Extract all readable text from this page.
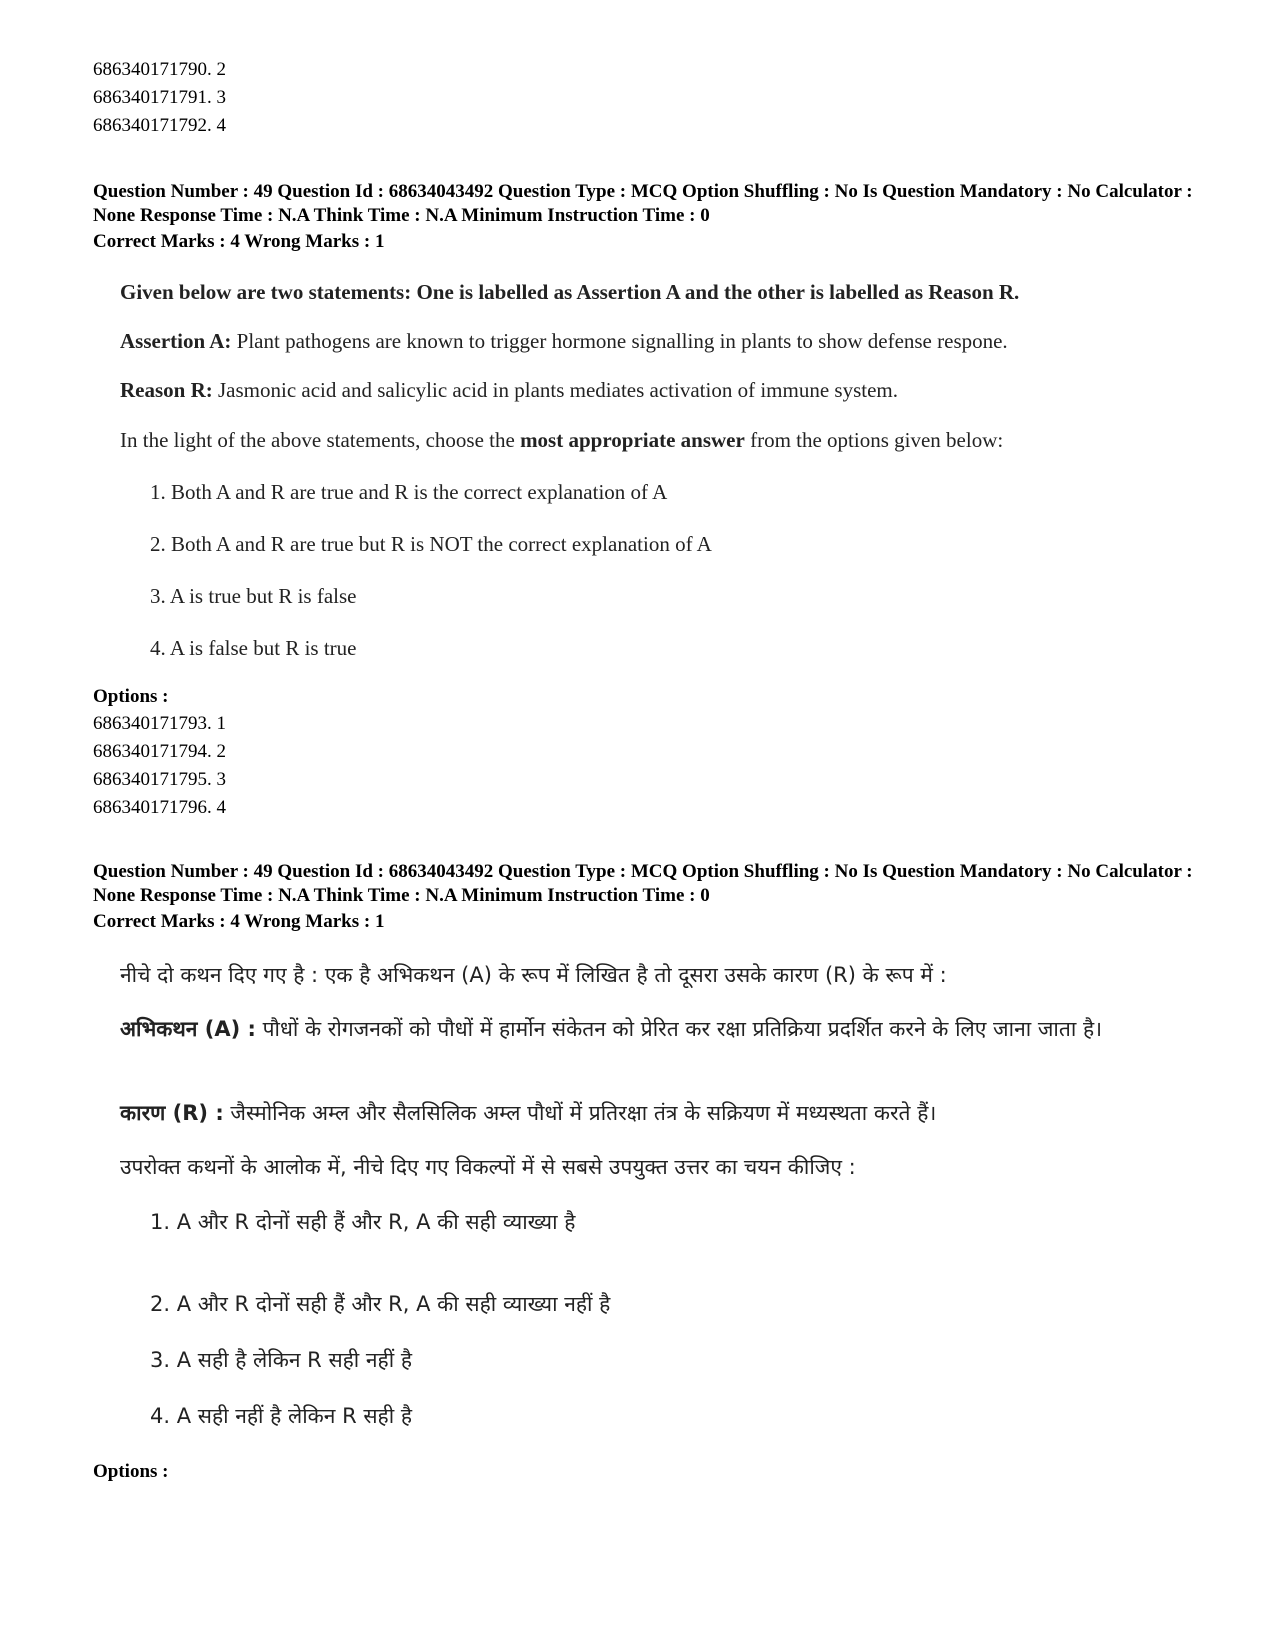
686340171790. 2
686340171791. 3
686340171792. 4
Question Number : 49 Question Id : 68634043492 Question Type : MCQ Option Shuffling : No Is Question Mandatory : No Calculator : None Response Time : N.A Think Time : N.A Minimum Instruction Time : 0
Correct Marks : 4 Wrong Marks : 1
Given below are two statements: One is labelled as Assertion A and the other is labelled as Reason R.
Assertion A: Plant pathogens are known to trigger hormone signalling in plants to show defense respone.
Reason R: Jasmonic acid and salicylic acid in plants mediates activation of immune system.
In the light of the above statements, choose the most appropriate answer from the options given below:
1. Both A and R are true and R is the correct explanation of A
2. Both A and R are true but R is NOT the correct explanation of A
3. A is true but R is false
4. A is false but R is true
Options :
686340171793. 1
686340171794. 2
686340171795. 3
686340171796. 4
Question Number : 49 Question Id : 68634043492 Question Type : MCQ Option Shuffling : No Is Question Mandatory : No Calculator : None Response Time : N.A Think Time : N.A Minimum Instruction Time : 0
Correct Marks : 4 Wrong Marks : 1
नीचे दो कथन दिए गए है : एक है अभिकथन (A) के रूप में लिखित है तो दूसरा उसके कारण (R) के रूप में :
अभिकथन (A) : पौधों के रोगजनकों को पौधों में हार्मोन संकेतन को प्रेरित कर रक्षा प्रतिक्रिया प्रदर्शित करने के लिए जाना जाता है।
कारण (R) : जैस्मोनिक अम्ल और सैलसिलिक अम्ल पौधों में प्रतिरक्षा तंत्र के सक्रियण में मध्यस्थता करते हैं।
उपरोक्त कथनों के आलोक में, नीचे दिए गए विकल्पों में से सबसे उपयुक्त उत्तर का चयन कीजिए :
1. A और R दोनों सही हैं और R, A की सही व्याख्या है
2. A और R दोनों सही हैं और R, A की सही व्याख्या नहीं है
3. A सही है लेकिन R सही नहीं है
4. A सही नहीं है लेकिन R सही है
Options :
